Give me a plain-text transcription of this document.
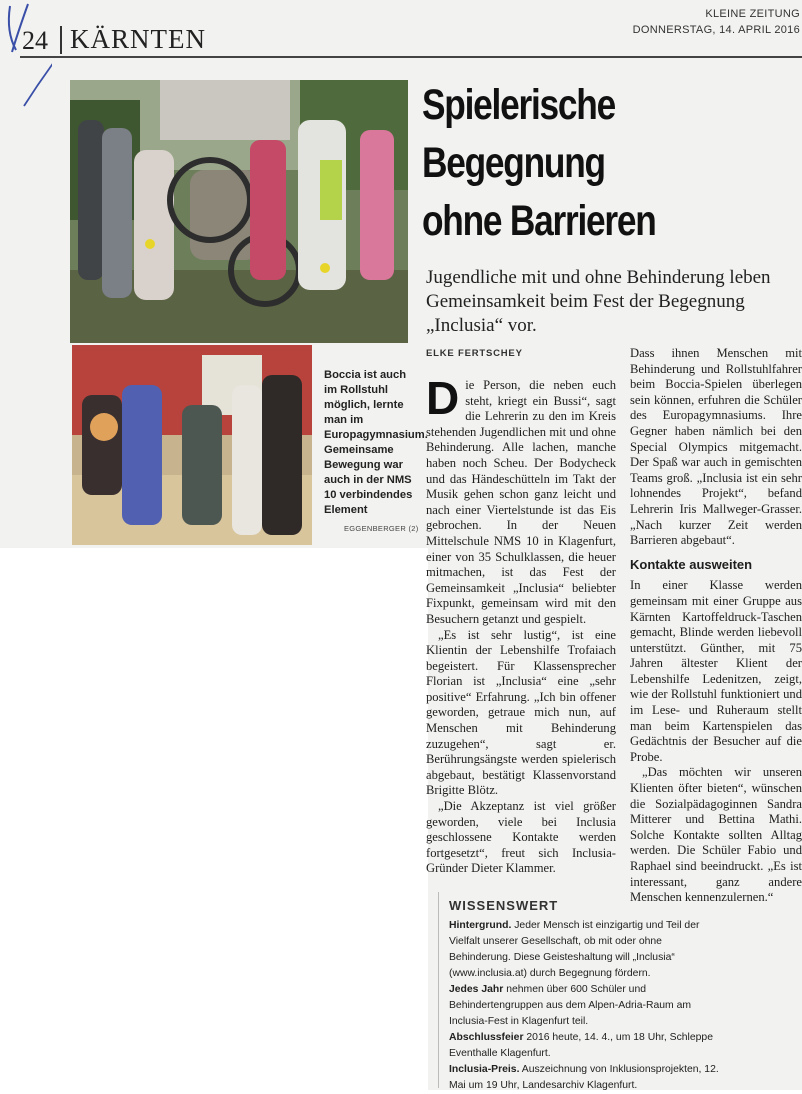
24 KÄRNTEN
KLEINE ZEITUNG
DONNERSTAG, 14. APRIL 2016
Boccia ist auch im Rollstuhl möglich, lernte man im Europagymnasium. Gemeinsame Bewegung war auch in der NMS 10 verbindendes Element
EGGENBERGER (2)
Spielerische
Begegnung
ohne Barrieren
Jugendliche mit und ohne Behinderung leben Gemeinsamkeit beim Fest der Begegnung „Inclusia“ vor.
ELKE FERTSCHEY

Die Person, die neben euch steht, kriegt ein Bussi“, sagt die Lehrerin zu den im Kreis stehenden Jugendlichen mit und ohne Behinderung. Alle lachen, manche haben noch Scheu. Der Bodycheck und das Händeschütteln im Takt der Musik gehen schon ganz leicht und nach einer Viertelstunde ist das Eis gebrochen. In der Neuen Mittelschule NMS 10 in Klagenfurt, einer von 35 Schulklassen, die heuer mitmachen, ist das Fest der Gemeinsamkeit „Inclusia“ beliebter Fixpunkt, gemeinsam wird mit den Besuchern getanzt und gespielt.

„Es ist sehr lustig“, ist eine Klientin der Lebenshilfe Trofaiach begeistert. Für Klassensprecher Florian ist „Inclusia“ eine „sehr positive“ Erfahrung. „Ich bin offener geworden, getraue mich nun, auf Menschen mit Behinderung zuzugehen“, sagt er. Berührungsängste werden spielerisch abgebaut, bestätigt Klassenvorstand Brigitte Blötz.

„Die Akzeptanz ist viel größer geworden, viele bei Inclusia geschlossene Kontakte werden fortgesetzt“, freut sich Inclusia-Gründer Dieter Klammer.

Dass ihnen Menschen mit Behinderung und Rollstuhlfahrer beim Boccia-Spielen überlegen sein können, erfuhren die Schüler des Europagymnasiums. Ihre Gegner haben nämlich bei den Special Olympics mitgemacht. Der Spaß war auch in gemischten Teams groß. „Inclusia ist ein sehr lohnendes Projekt“, befand Lehrerin Iris Mallweger-Grasser. „Nach kurzer Zeit werden Barrieren abgebaut“.

Kontakte ausweiten

In einer Klasse werden gemeinsam mit einer Gruppe aus Kärnten Kartoffeldruck-Taschen gemacht, Blinde werden liebevoll unterstützt. Günther, mit 75 Jahren ältester Klient der Lebenshilfe Ledenitzen, zeigt, wie der Rollstuhl funktioniert und im Lese- und Ruheraum stellt man beim Kartenspielen das Gedächtnis der Besucher auf die Probe.

„Das möchten wir unseren Klienten öfter bieten“, wünschen die Sozialpädagoginnen Sandra Mitterer und Bettina Mathi. Solche Kontakte sollten Alltag werden. Die Schüler Fabio und Raphael sind beeindruckt. „Es ist interessant, ganz andere Menschen kennenzulernen.“

WISSENSWERT

Hintergrund. Jeder Mensch ist einzigartig und Teil der Vielfalt unserer Gesellschaft, ob mit oder ohne Behinderung. Diese Geisteshaltung will „Inclusia“ (www.inclusia.at) durch Begegnung fördern.

Jedes Jahr nehmen über 600 Schüler und Behindertengruppen aus dem Alpen-Adria-Raum am Inclusia-Fest in Klagenfurt teil.

Abschlussfeier 2016 heute, 14. 4., um 18 Uhr, Schleppe Eventhalle Klagenfurt.

Inclusia-Preis. Auszeichnung von Inklusionsprojekten, 12. Mai um 19 Uhr, Landesarchiv Klagenfurt.
